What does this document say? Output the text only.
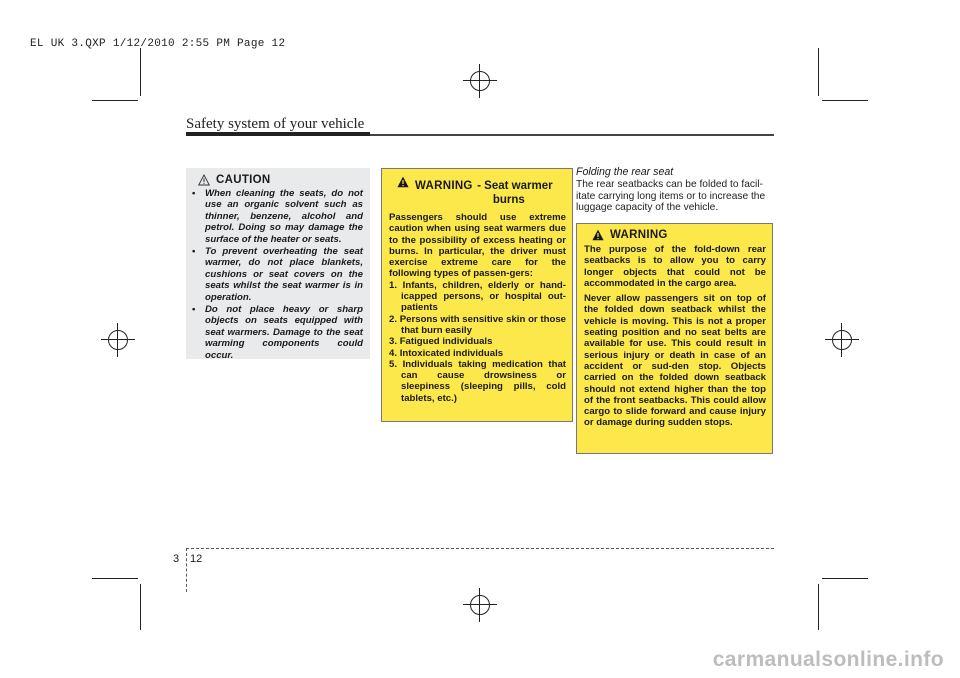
EL UK 3.QXP 1/12/2010 2:55 PM Page 12
Safety system of your vehicle
CAUTION
• When cleaning the seats, do not use an organic solvent such as thinner, benzene, alcohol and petrol. Doing so may damage the surface of the heater or seats.
• To prevent overheating the seat warmer, do not place blankets, cushions or seat covers on the seats whilst the seat warmer is in operation.
• Do not place heavy or sharp objects on seats equipped with seat warmers. Damage to the seat warming components could occur.
WARNING - Seat warmer
burns

Passengers should use extreme caution when using seat warmers due to the possibility of excess heating or burns. In particular, the driver must exercise extreme care for the following types of passen-gers:

1. Infants, children, elderly or hand-icapped persons, or hospital out-patients
2. Persons with sensitive skin or those that burn easily
3. Fatigued individuals
4. Intoxicated individuals
5. Individuals taking medication that can cause drowsiness or sleepiness (sleeping pills, cold tablets, etc.)
Folding the rear seat
The rear seatbacks can be folded to facil-itate carrying long items or to increase the luggage capacity of the vehicle.
WARNING

The purpose of the fold-down rear seatbacks is to allow you to carry longer objects that could not be accommodated in the cargo area.

Never allow passengers sit on top of the folded down seatback whilst the vehicle is moving. This is not a proper seating position and no seat belts are available for use. This could result in serious injury or death in case of an accident or sud-den stop. Objects carried on the folded down seatback should not extend higher than the top of the front seatbacks. This could allow cargo to slide forward and cause injury or damage during sudden stops.

3 12
carmanualsonline.info
